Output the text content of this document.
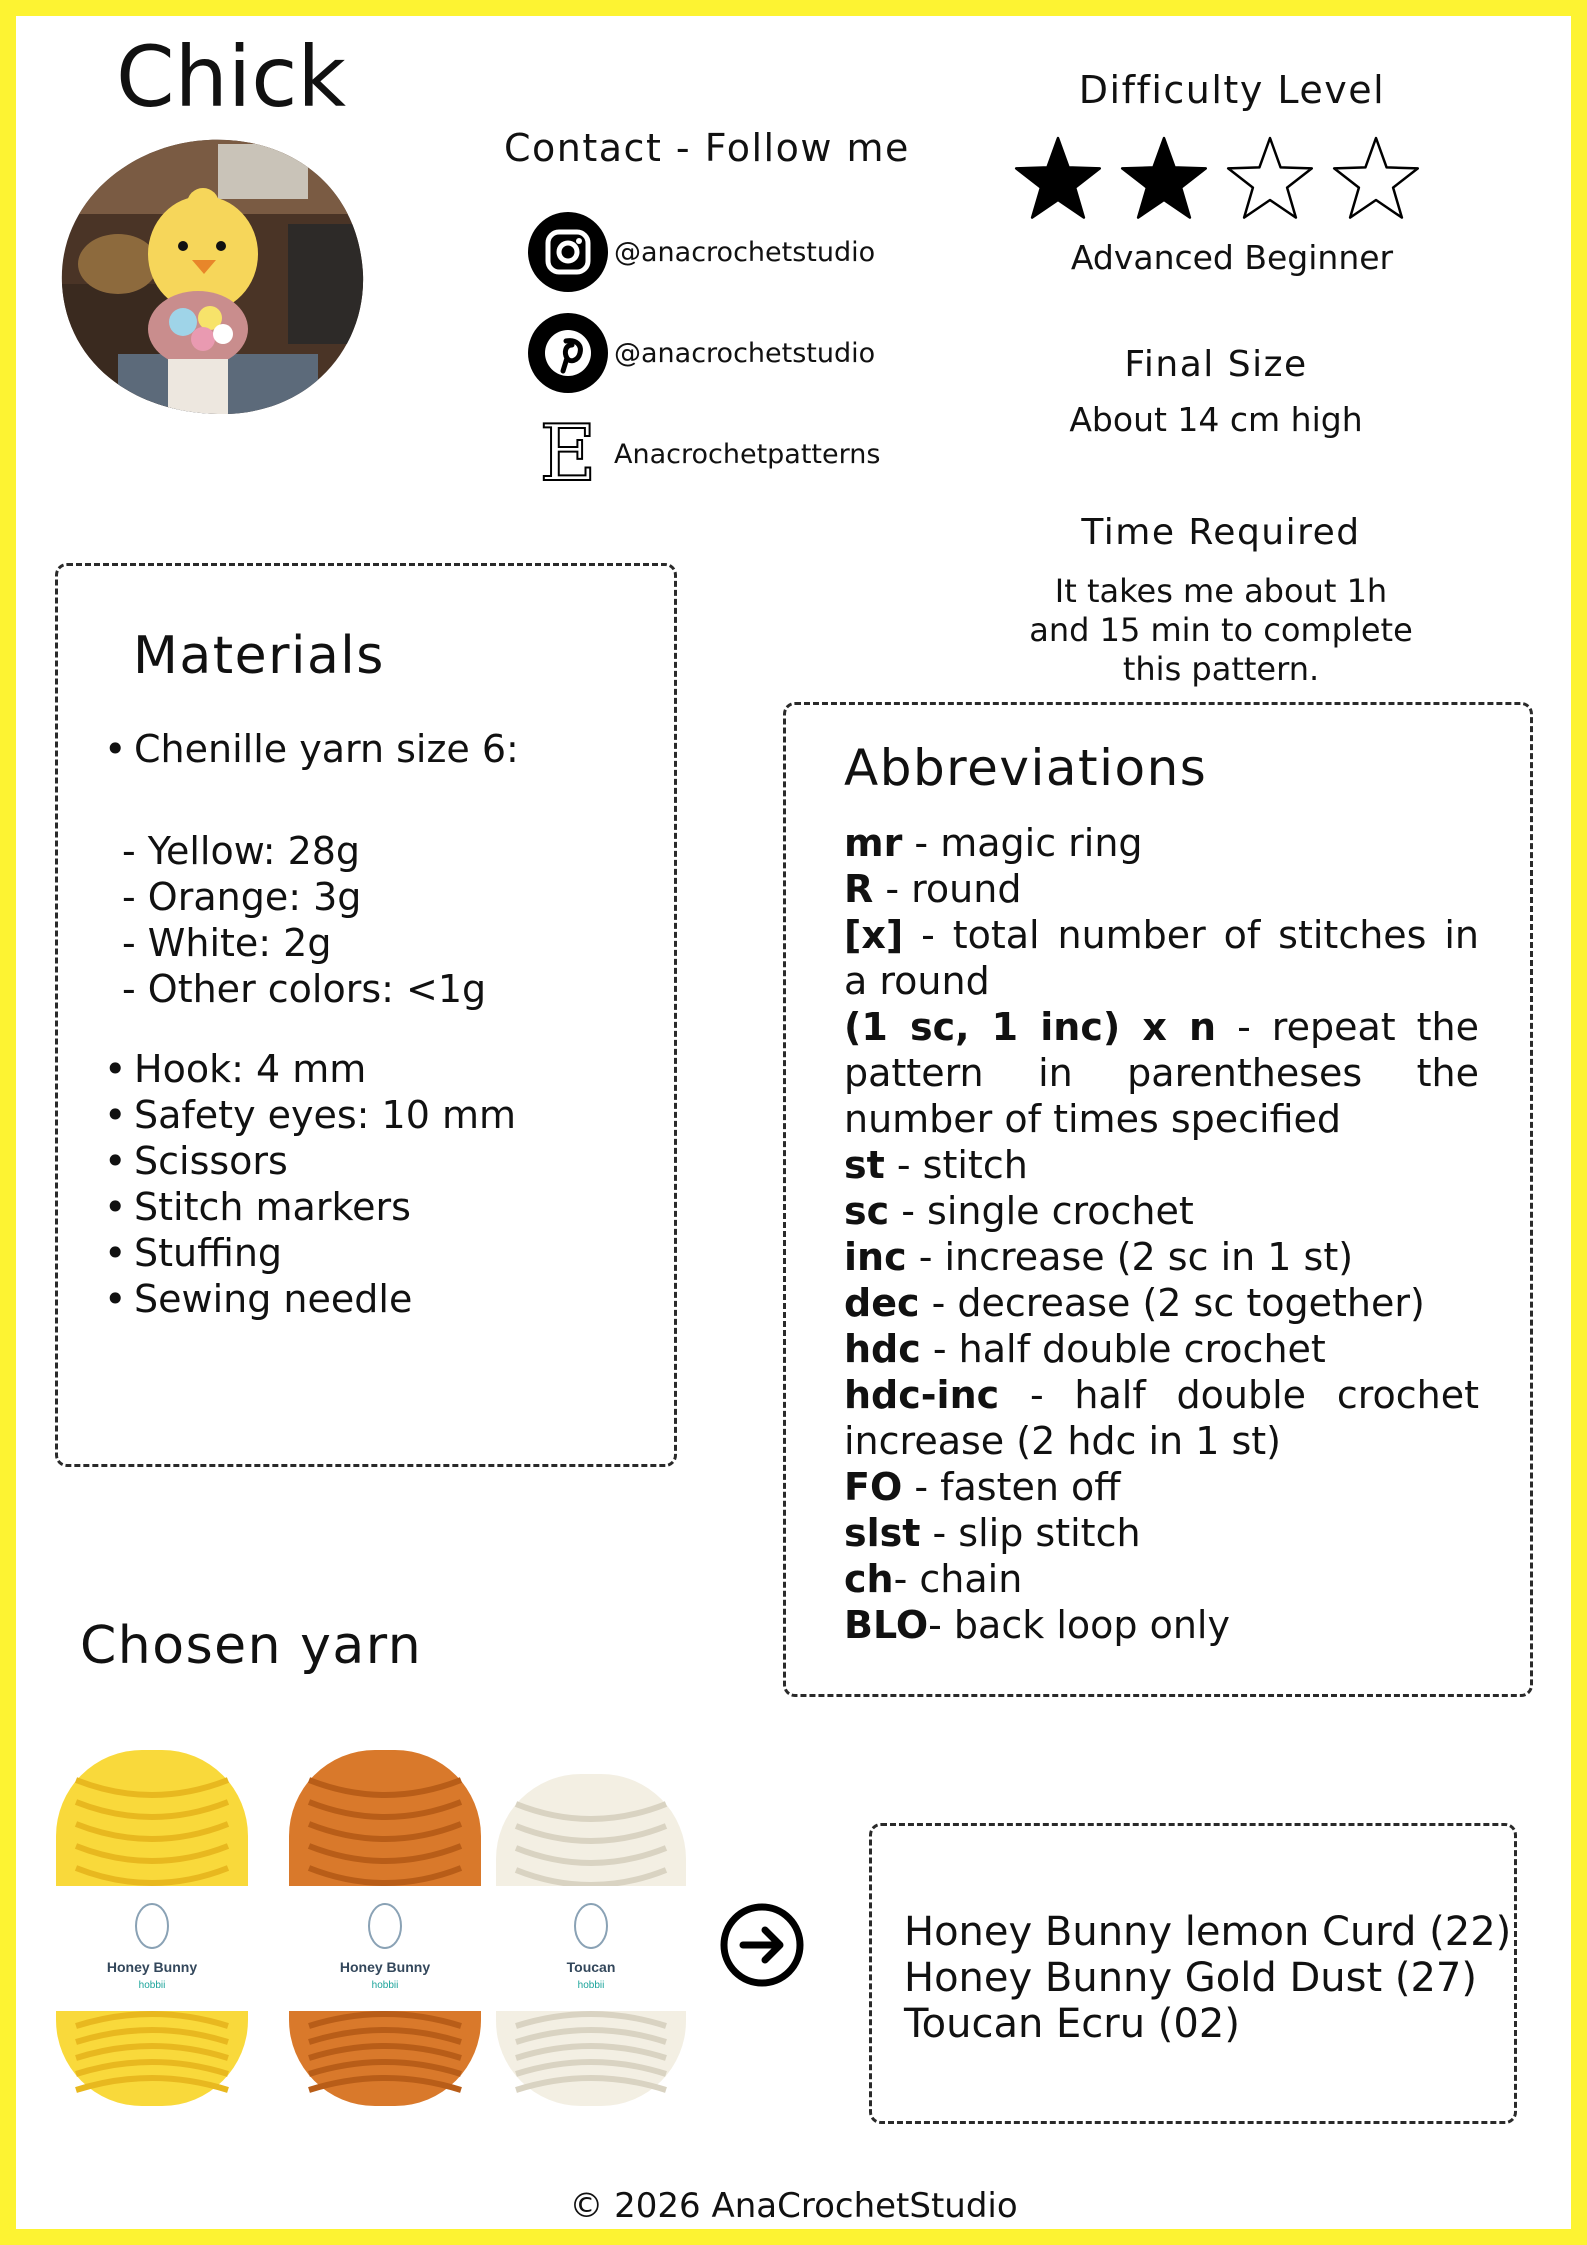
Chick
Contact - Follow me
@anacrochetstudio
@anacrochetstudio
E Anacrochetpatterns
Difficulty Level
Advanced Beginner
Final Size
About 14 cm high
Time Required
It takes me about 1h
and 15 min to complete
this pattern.
Materials
• Chenille yarn size 6:
- Yellow: 28g
- Orange: 3g
- White: 2g
- Other colors: <1g
• Hook: 4 mm
• Safety eyes: 10 mm
• Scissors
• Stitch markers
• Stuffing
• Sewing needle
Abbreviations
mr - magic ring
R - round
[x] - total number of stitches in a round
(1 sc, 1 inc) x n - repeat the pattern in parentheses the number of times specified
st - stitch
sc - single crochet
inc - increase (2 sc in 1 st)
dec - decrease (2 sc together)
hdc - half double crochet
hdc-inc - half double crochet increase (2 hdc in 1 st)
FO - fasten off
slst - slip stitch
ch- chain
BLO- back loop only
Chosen yarn
Honey Bunny
hobbii
Honey Bunny
hobbii
Toucan
hobbii
Honey Bunny lemon Curd (22)
Honey Bunny Gold Dust (27)
Toucan Ecru (02)
© 2026 AnaCrochetStudio
